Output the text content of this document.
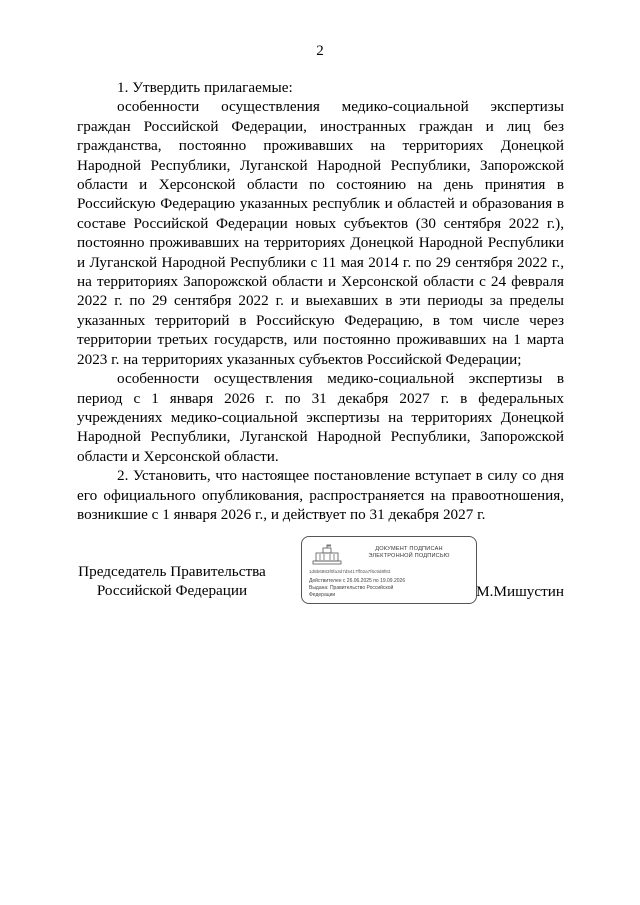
2

1. Утвердить прилагаемые:

особенности осуществления медико-социальной экспертизы граждан Российской Федерации, иностранных граждан и лиц без гражданства, постоянно проживавших на территориях Донецкой Народной Республики, Луганской Народной Республики, Запорожской области и Херсонской области по состоянию на день принятия в Российскую Федерацию указанных республик и областей и образования в составе Российской Федерации новых субъектов (30 сентября 2022 г.), постоянно проживавших на территориях Донецкой Народной Республики и Луганской Народной Республики с 11 мая 2014 г. по 29 сентября 2022 г., на территориях Запорожской области и Херсонской области с 24 февраля 2022 г. по 29 сентября 2022 г. и выехавших в эти периоды за пределы указанных территорий в Российскую Федерацию, в том числе через территории третьих государств, или постоянно проживавших на 1 марта 2023 г. на территориях указанных субъектов Российской Федерации;

особенности осуществления медико-социальной экспертизы в период с 1 января 2026 г. по 31 декабря 2027 г. в федеральных учреждениях медико-социальной экспертизы на территориях Донецкой Народной Республики, Луганской Народной Республики, Запорожской области и Херсонской области.

2. Установить, что настоящее постановление вступает в силу со дня его официального опубликования, распространяется на правоотношения, возникшие с 1 января 2026 г., и действует по 31 декабря 2027 г.

Председатель Правительства
Российской Федерации
ДОКУМЕНТ ПОДПИСАН
ЭЛЕКТРОННОЙ ПОДПИСЬЮ
1d8b6883f0fa3d7d5417ff02a7f6c9d8f83
Действителен с 26.06.2025 по 19.09.2026
Выдана: Правительство Российской
Федерации	М.Мишустин
